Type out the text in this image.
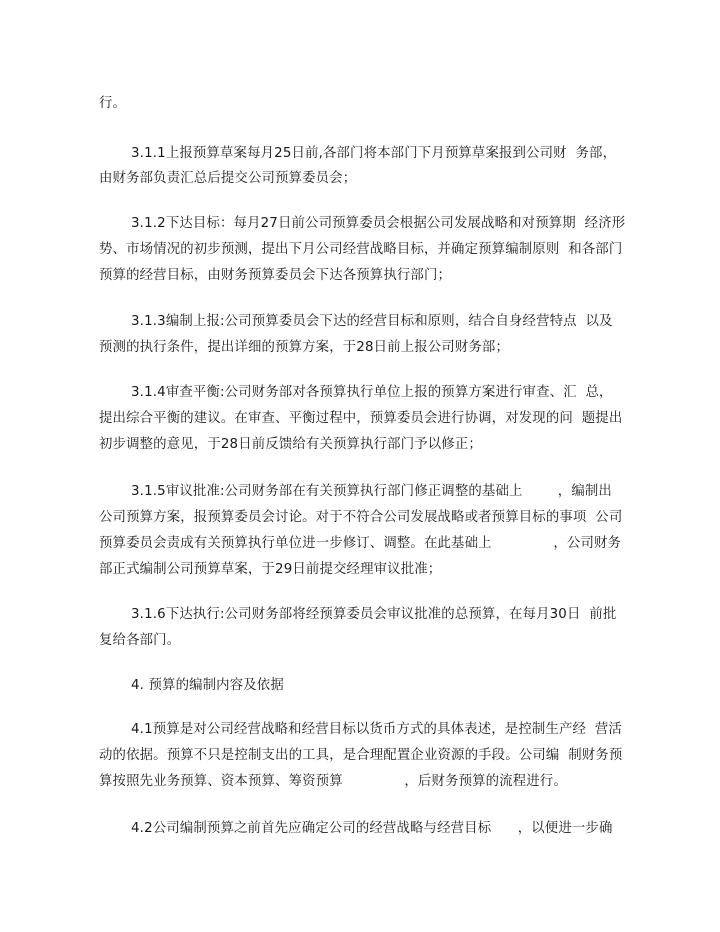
行。
3.1.1上报预算草案每月25日前,各部门将本部门下月预算草案报到公司财  务部，
由财务部负责汇总后提交公司预算委员会；
3.1.2下达目标：每月27日前公司预算委员会根据公司发展战略和对预算期  经济形
势、市场情况的初步预测，提出下月公司经营战略目标，并确定预算编制原则  和各部门
预算的经营目标，由财务预算委员会下达各预算执行部门；
3.1.3编制上报:公司预算委员会下达的经营目标和原则，结合自身经营特点  以及
预测的执行条件，提出详细的预算方案，于28日前上报公司财务部；
3.1.4审查平衡:公司财务部对各预算执行单位上报的预算方案进行审查、汇  总，
提出综合平衡的建议。在审查、平衡过程中，预算委员会进行协调，对发现的问  题提出
初步调整的意见，于28日前反馈给有关预算执行部门予以修正；
3.1.5审议批准:公司财务部在有关预算执行部门修正调整的基础上        ，编制出
公司预算方案，报预算委员会讨论。对于不符合公司发展战略或者预算目标的事项  公司
预算委员会责成有关预算执行单位进一步修订、调整。在此基础上              ，公司财务
部正式编制公司预算草案，于29日前提交经理审议批准；
3.1.6下达执行:公司财务部将经预算委员会审议批准的总预算，在每月30日  前批
复给各部门。
4. 预算的编制内容及依据
4.1预算是对公司经营战略和经营目标以货币方式的具体表述，是控制生产经  营活
动的依据。预算不只是控制支出的工具，是合理配置企业资源的手段。公司编  制财务预
算按照先业务预算、资本预算、筹资预算              ，后财务预算的流程进行。
4.2公司编制预算之前首先应确定公司的经营战略与经营目标      ，以便进一步确
